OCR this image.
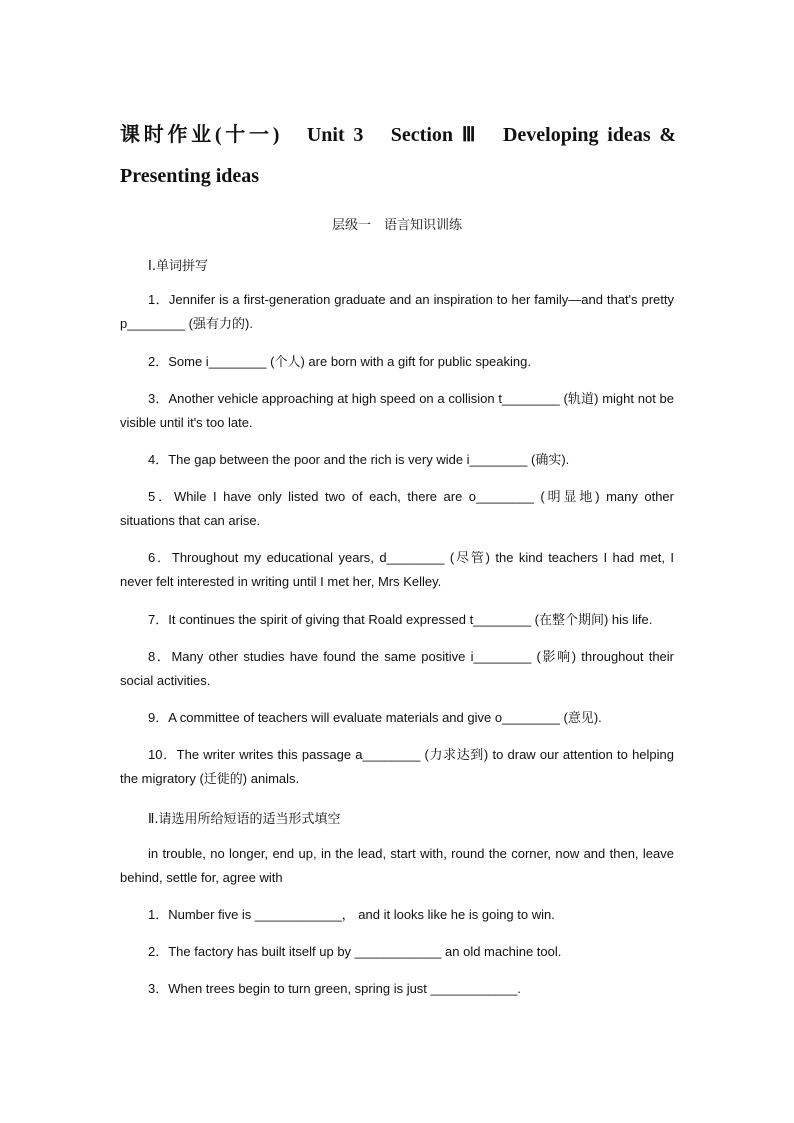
课时作业(十一)　Unit 3　Section Ⅲ　Developing ideas & Presenting ideas
层级一　语言知识训练
Ⅰ.单词拼写

1．Jennifer is a first-generation graduate and an inspiration to her family—and that's pretty p________ (强有力的).

2．Some i________ (个人) are born with a gift for public speaking.

3．Another vehicle approaching at high speed on a collision t________ (轨道) might not be visible until it's too late.

4．The gap between the poor and the rich is very wide i________ (确实).

5．While I have only listed two of each, there are o________ (明显地) many other situations that can arise.

6．Throughout my educational years, d________ (尽管) the kind teachers I had met, I never felt interested in writing until I met her, Mrs Kelley.

7．It continues the spirit of giving that Roald expressed t________ (在整个期间) his life.

8．Many other studies have found the same positive i________ (影响) throughout their social activities.

9．A committee of teachers will evaluate materials and give o________ (意见).

10．The writer writes this passage a________ (力求达到) to draw our attention to helping the migratory (迁徙的) animals.

Ⅱ.请选用所给短语的适当形式填空

in trouble, no longer, end up, in the lead, start with, round the corner, now and then, leave behind, settle for, agree with

1．Number five is ____________， and it looks like he is going to win.

2．The factory has built itself up by ____________ an old machine tool.

3．When trees begin to turn green, spring is just ____________.
